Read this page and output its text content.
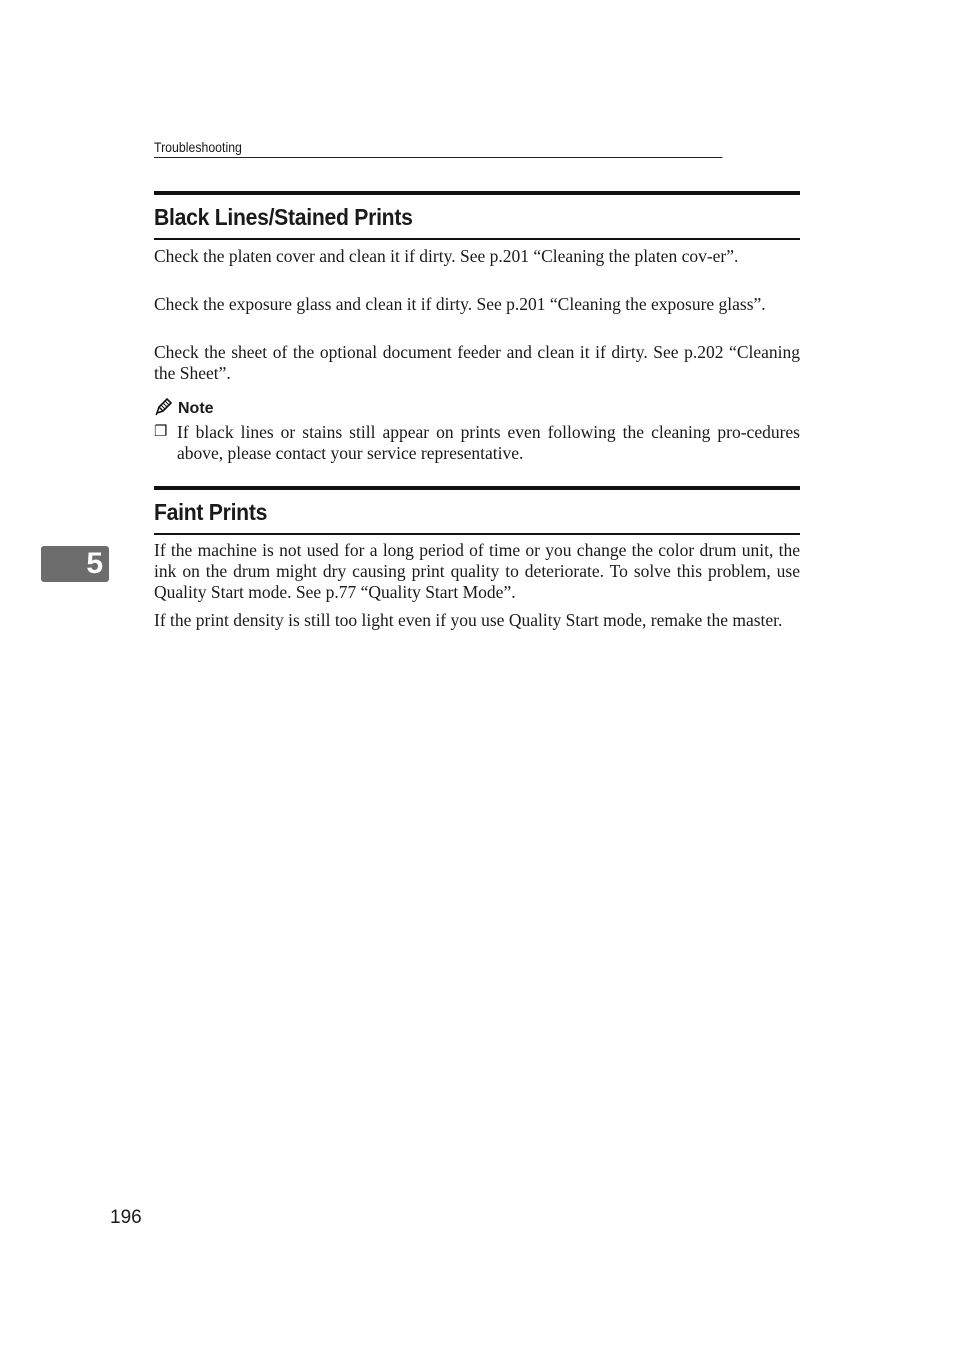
Troubleshooting
5
Black Lines/Stained Prints

Check the platen cover and clean it if dirty. See p.201 “Cleaning the platen cov-er”.

Check the exposure glass and clean it if dirty. See p.201 “Cleaning the exposure glass”.

Check the sheet of the optional document feeder and clean it if dirty. See p.202 “Cleaning the Sheet”.

Note
❐ If black lines or stains still appear on prints even following the cleaning pro-cedures above, please contact your service representative.
Faint Prints

If the machine is not used for a long period of time or you change the color drum unit, the ink on the drum might dry causing print quality to deteriorate. To solve this problem, use Quality Start mode. See p.77 “Quality Start Mode”.

If the print density is still too light even if you use Quality Start mode, remake the master.

196
